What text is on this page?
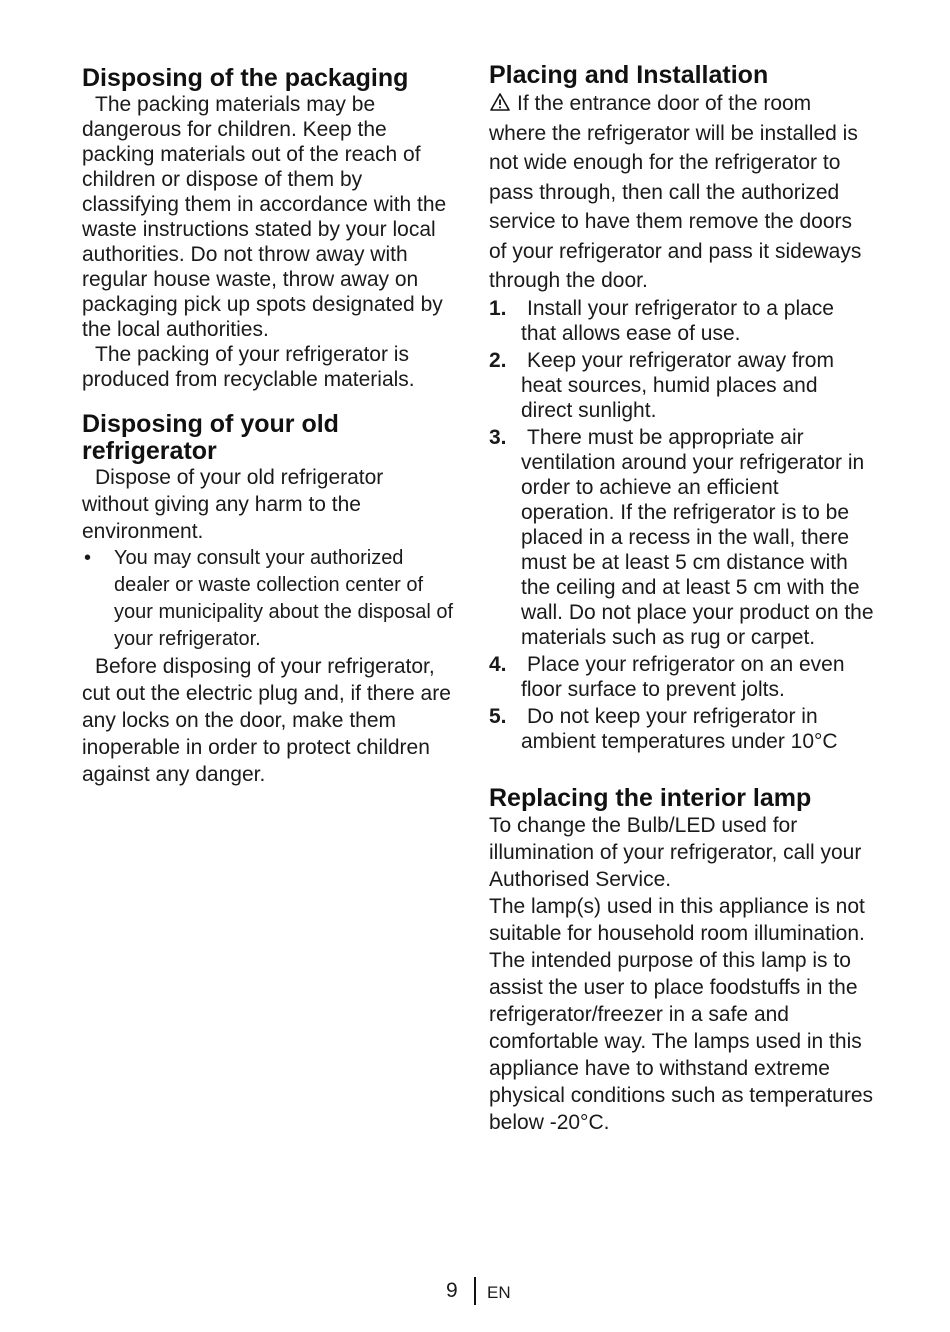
Disposing of the packaging

The packing materials may be dangerous for children. Keep the packing materials out of the reach of children or dispose of them by classifying them in accordance with the waste instructions stated by your local authorities. Do not throw away with regular house waste, throw away on packaging pick up spots designated by the local authorities.

The packing of your refrigerator is produced from recyclable materials.

Disposing of your old refrigerator

Dispose of your old refrigerator without giving any harm to the environment.

• You may consult your authorized dealer or waste collection center of your municipality about the disposal of your refrigerator.

Before disposing of your refrigerator, cut out the electric plug and, if there are any locks on the door, make them inoperable in order to protect children against any danger.

Placing and Installation

If the entrance door of the room where the refrigerator will be installed is not wide enough for the refrigerator to pass through, then call the authorized service to have them remove the doors of your refrigerator and pass it sideways through the door.

1. Install your refrigerator to a place that allows ease of use.
2. Keep your refrigerator away from heat sources, humid places and direct sunlight.
3. There must be appropriate air ventilation around your refrigerator in order to achieve an efficient operation. If the refrigerator is to be placed in a recess in the wall, there must be at least 5 cm distance with the ceiling and at least 5 cm with the wall. Do not place your product on the materials such as rug or carpet.
4. Place your refrigerator on an even floor surface to prevent jolts.
5. Do not keep your refrigerator in ambient temperatures under 10°C
Replacing the interior lamp

To change the Bulb/LED used for illumination of your refrigerator, call your Authorised Service.

The lamp(s) used in this appliance is not suitable for household room illumination. The intended purpose of this lamp is to assist the user to place foodstuffs in the refrigerator/freezer in a safe and comfortable way. The lamps used in this appliance have to withstand extreme physical conditions such as temperatures below -20°C.

9 EN
